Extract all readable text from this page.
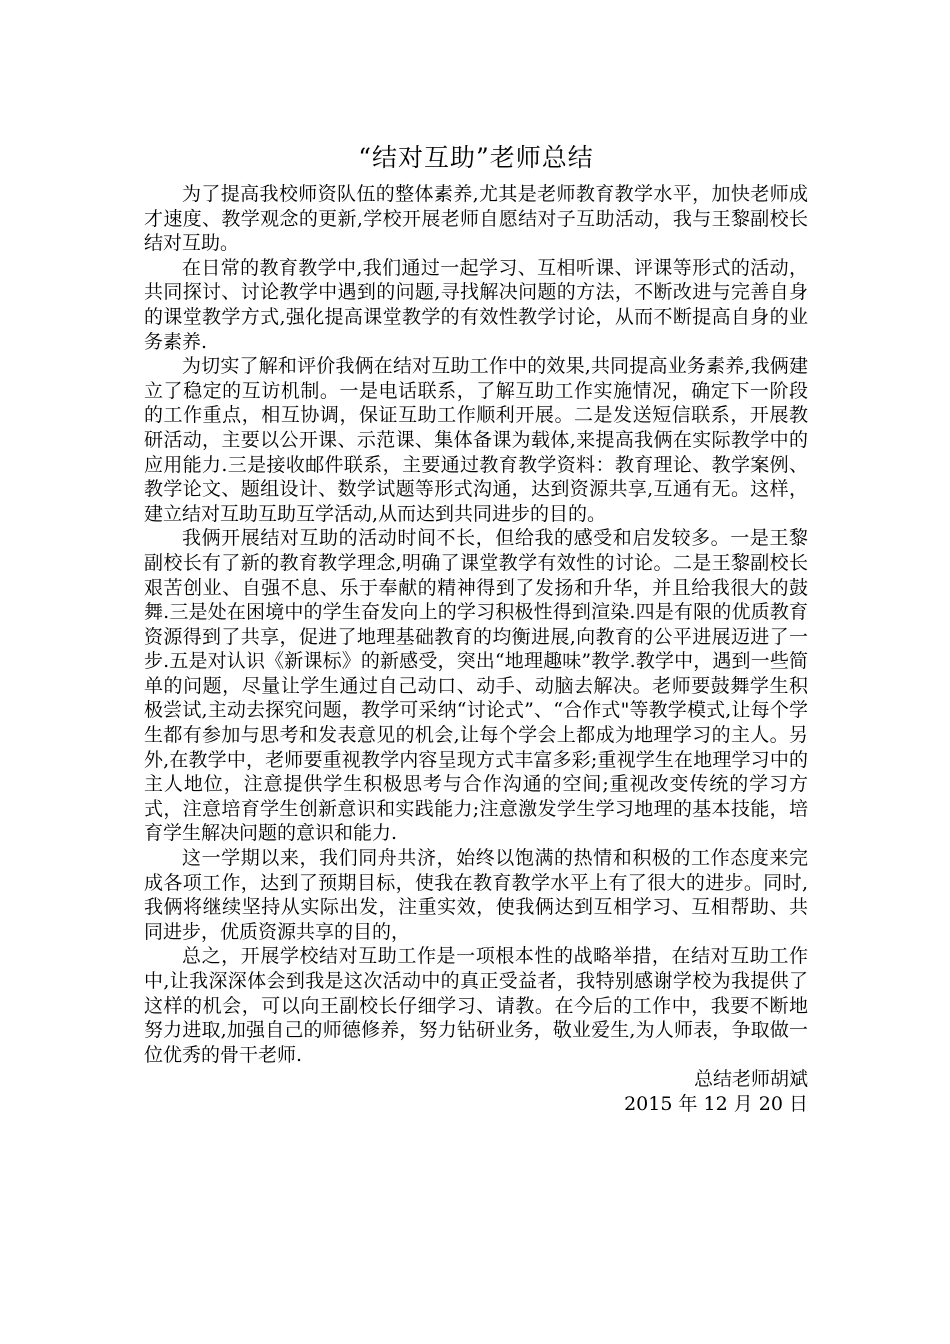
“结对互助”老师总结

为了提高我校师资队伍的整体素养,尤其是老师教育教学水平，加快老师成才速度、教学观念的更新,学校开展老师自愿结对子互助活动，我与王黎副校长结对互助。

在日常的教育教学中,我们通过一起学习、互相听课、评课等形式的活动，共同探讨、讨论教学中遇到的问题,寻找解决问题的方法，不断改进与完善自身的课堂教学方式,强化提高课堂教学的有效性教学讨论，从而不断提高自身的业务素养.

为切实了解和评价我俩在结对互助工作中的效果,共同提高业务素养,我俩建立了稳定的互访机制。一是电话联系，了解互助工作实施情况，确定下一阶段的工作重点，相互协调，保证互助工作顺利开展。二是发送短信联系，开展教研活动，主要以公开课、示范课、集体备课为载体,来提高我俩在实际教学中的应用能力.三是接收邮件联系，主要通过教育教学资料：教育理论、教学案例、教学论文、题组设计、数学试题等形式沟通，达到资源共享,互通有无。这样，建立结对互助互助互学活动,从而达到共同进步的目的。

我俩开展结对互助的活动时间不长，但给我的感受和启发较多。一是王黎副校长有了新的教育教学理念,明确了课堂教学有效性的讨论。二是王黎副校长艰苦创业、自强不息、乐于奉献的精神得到了发扬和升华，并且给我很大的鼓舞.三是处在困境中的学生奋发向上的学习积极性得到渲染.四是有限的优质教育资源得到了共享，促进了地理基础教育的均衡进展,向教育的公平进展迈进了一步.五是对认识《新课标》的新感受，突出“地理趣味”教学.教学中，遇到一些简单的问题，尽量让学生通过自己动口、动手、动脑去解决。老师要鼓舞学生积极尝试,主动去探究问题，教学可采纳“讨论式”、“合作式"等教学模式,让每个学生都有参加与思考和发表意见的机会,让每个学会上都成为地理学习的主人。另外,在教学中，老师要重视教学内容呈现方式丰富多彩;重视学生在地理学习中的主人地位，注意提供学生积极思考与合作沟通的空间;重视改变传统的学习方式，注意培育学生创新意识和实践能力;注意激发学生学习地理的基本技能，培育学生解决问题的意识和能力.

这一学期以来，我们同舟共济，始终以饱满的热情和积极的工作态度来完成各项工作，达到了预期目标，使我在教育教学水平上有了很大的进步。同时,我俩将继续坚持从实际出发，注重实效，使我俩达到互相学习、互相帮助、共同进步，优质资源共享的目的，

总之，开展学校结对互助工作是一项根本性的战略举措，在结对互助工作中,让我深深体会到我是这次活动中的真正受益者，我特别感谢学校为我提供了这样的机会，可以向王副校长仔细学习、请教。在今后的工作中，我要不断地努力进取,加强自己的师德修养，努力钻研业务，敬业爱生,为人师表，争取做一位优秀的骨干老师.

总结老师胡斌

2015 年 12 月 20 日
